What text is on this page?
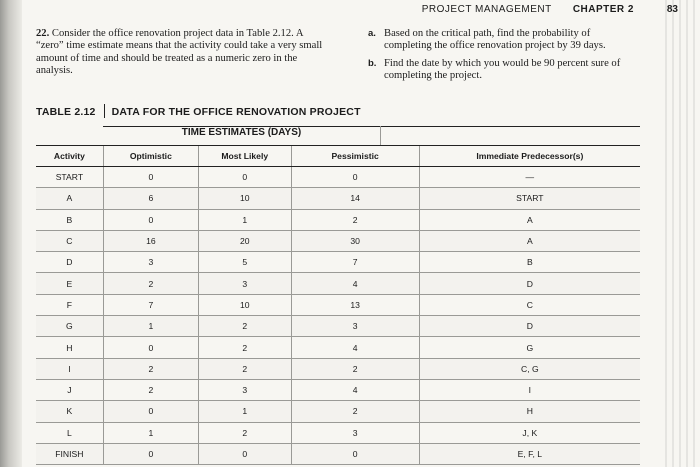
PROJECT MANAGEMENT CHAPTER 2	83
22. Consider the office renovation project data in Table 2.12. A “zero” time estimate means that the activity could take a very small amount of time and should be treated as a numeric zero in the analysis.
a. Based on the critical path, find the probability of completing the office renovation project by 39 days.
b. Find the date by which you would be 90 percent sure of completing the project.
TABLE 2.12 DATA FOR THE OFFICE RENOVATION PROJECT
TIME ESTIMATES (DAYS)
Activity	Optimistic	Most Likely	Pessimistic	Immediate Predecessor(s)
START	0	0	0	—
A	6	10	14	START
B	0	1	2	A
C	16	20	30	A
D	3	5	7	B
E	2	3	4	D
F	7	10	13	C
G	1	2	3	D
H	0	2	4	G
I	2	2	2	C, G
J	2	3	4	I
K	0	1	2	H
L	1	2	3	J, K
FINISH	0	0	0	E, F, L
